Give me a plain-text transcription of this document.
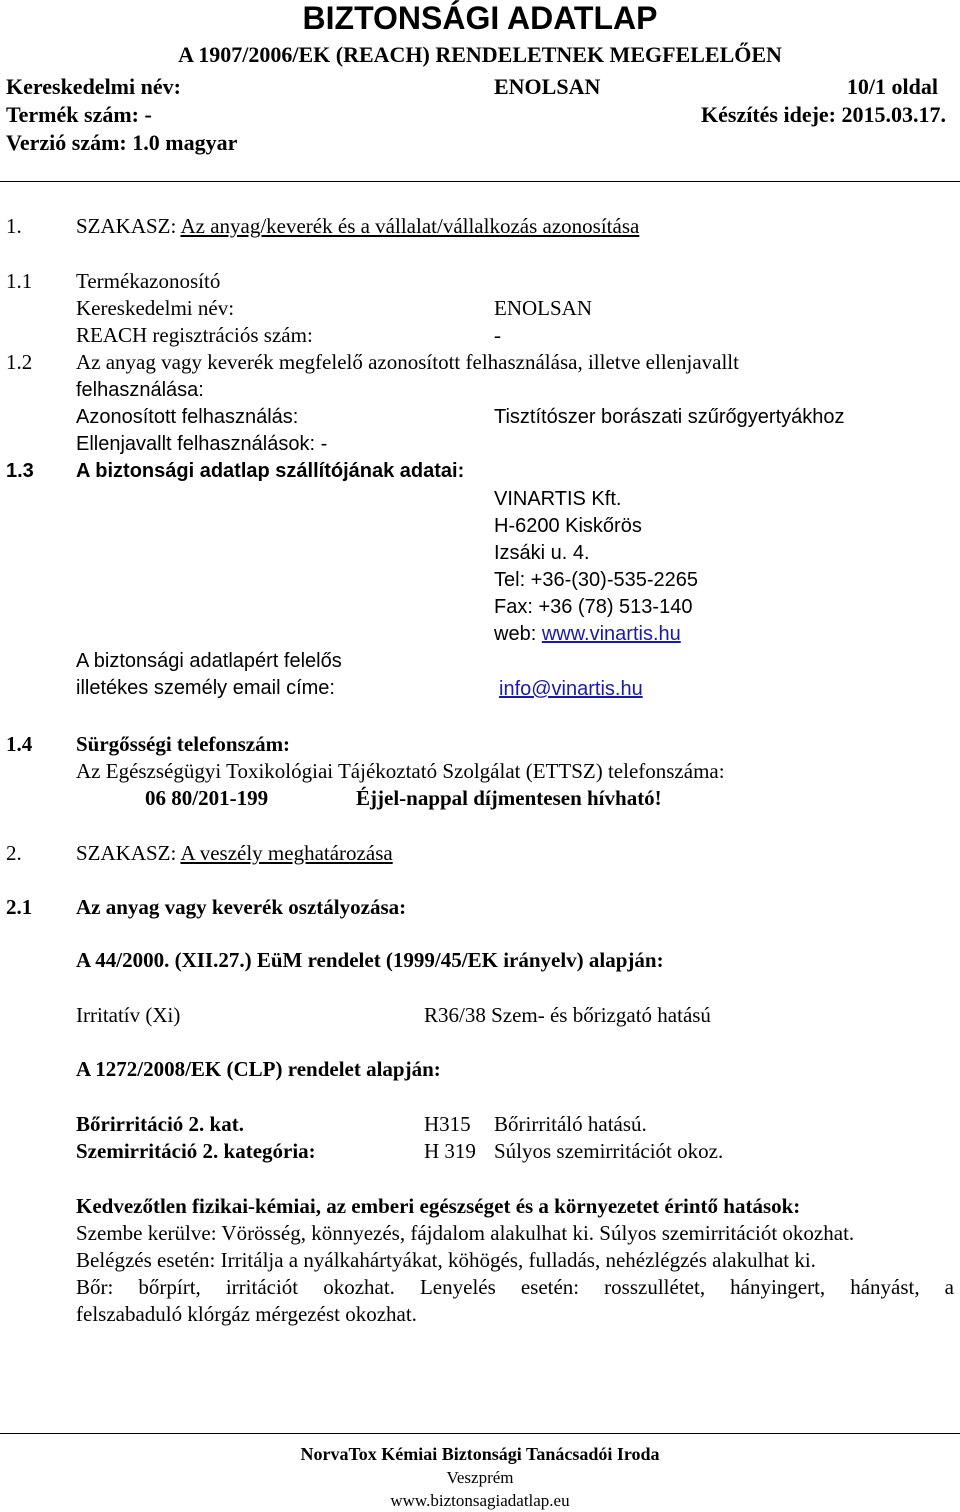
BIZTONSÁGI ADATLAP
A 1907/2006/EK (REACH) RENDELETNEK MEGFELELŐEN
Kereskedelmi név:	ENOLSAN	10/1 oldal
Termék szám: -	Készítés ideje: 2015.03.17.
Verzió szám: 1.0 magyar
1.	SZAKASZ: Az anyag/keverék és a vállalat/vállalkozás azonosítása
1.1 Termékazonosító
Kereskedelmi név:	ENOLSAN
REACH regisztrációs szám:	-
1.2 Az anyag vagy keverék megfelelő azonosított felhasználása, illetve ellenjavallt
felhasználása:
Azonosított felhasználás:	Tisztítószer borászati szűrőgyertyákhoz
Ellenjavallt felhasználások: -
1.3 A biztonsági adatlap szállítójának adatai:
VINARTIS Kft.
H-6200 Kiskőrös
Izsáki u. 4.
Tel: +36-(30)-535-2265
Fax: +36 (78) 513-140
web: www.vinartis.hu
A biztonsági adatlapért felelős
illetékes személy email címe:	info@vinartis.hu
1.4 Sürgősségi telefonszám:
Az Egészségügyi Toxikológiai Tájékoztató Szolgálat (ETTSZ) telefonszáma:
06 80/201-199	Éjjel-nappal díjmentesen hívható!
2.	SZAKASZ: A veszély meghatározása
2.1 Az anyag vagy keverék osztályozása:
A 44/2000. (XII.27.) EüM rendelet (1999/45/EK irányelv) alapján:
Irritatív (Xi)	R36/38 Szem- és bőrizgató hatású
A 1272/2008/EK (CLP) rendelet alapján:
Bőrirritáció 2. kat.	H315 Bőrirritáló hatású.
Szemirritáció 2. kategória:	H 319 Súlyos szemirritációt okoz.
Kedvezőtlen fizikai-kémiai, az emberi egészséget és a környezetet érintő hatások:
Szembe kerülve: Vörösség, könnyezés, fájdalom alakulhat ki. Súlyos szemirritációt okozhat.
Belégzés esetén: Irritálja a nyálkahártyákat, köhögés, fulladás, nehézlégzés alakulhat ki.
Bőr: bőrpírt, irritációt okozhat. Lenyelés esetén: rosszullétet, hányingert, hányást, a
felszabaduló klórgáz mérgezést okozhat.
NorvaTox Kémiai Biztonsági Tanácsadói Iroda
Veszprém
www.biztonsagiadatlap.eu
